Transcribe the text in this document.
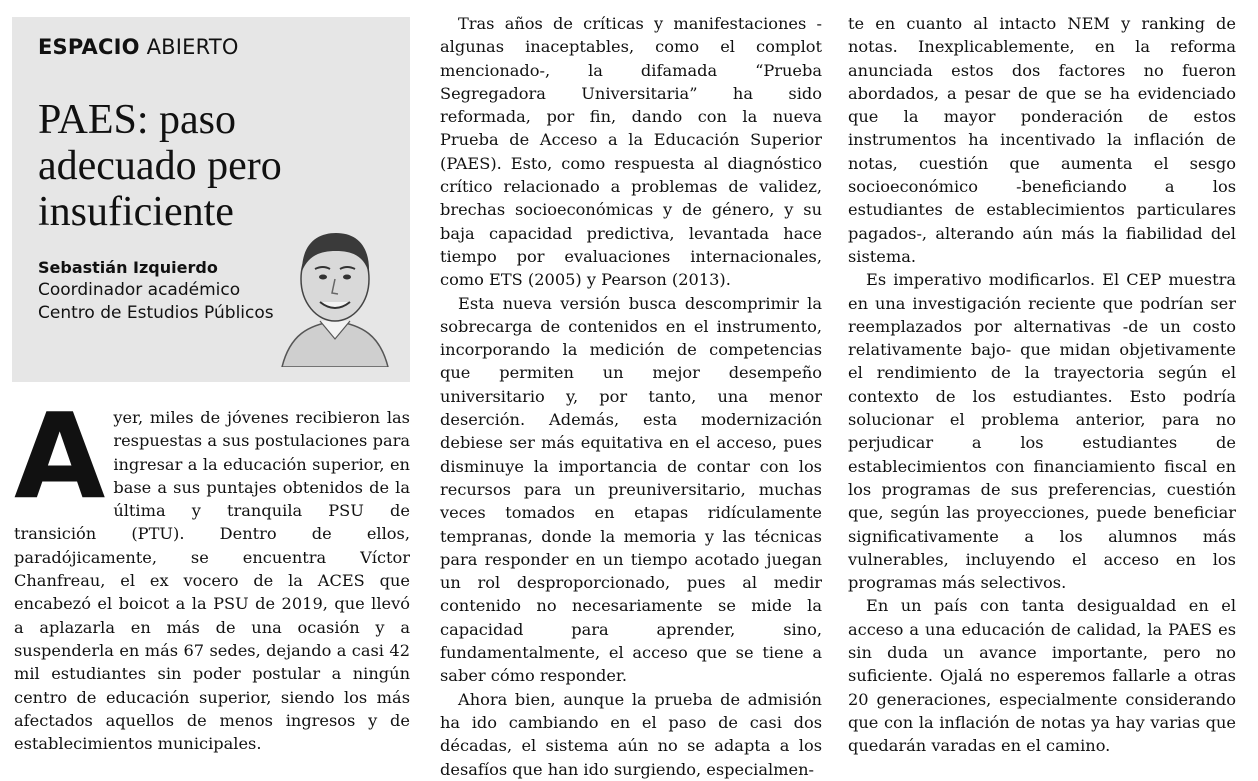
ESPACIO ABIERTO
PAES: paso adecuado pero insuficiente
Sebastián Izquierdo
Coordinador académico Centro de Estudios Públicos

A yer, miles de jóvenes recibieron las respuestas a sus postulaciones para ingresar a la educación superior, en base a sus puntajes obtenidos de la última y tranquila PSU de transición (PTU). Dentro de ellos, paradójicamente, se encuentra Víctor Chanfreau, el ex vocero de la ACES que encabezó el boicot a la PSU de 2019, que llevó a aplazarla en más de una ocasión y a suspenderla en más 67 sedes, dejando a casi 42 mil estudiantes sin poder postular a ningún centro de educación superior, siendo los más afectados aquellos de menos ingresos y de establecimientos municipales.

Tras años de críticas y manifestaciones -algunas inaceptables, como el complot mencionado-, la difamada “Prueba Segregadora Universitaria” ha sido reformada, por fin, dando con la nueva Prueba de Acceso a la Educación Superior (PAES). Esto, como respuesta al diagnóstico crítico relacionado a problemas de validez, brechas socioeconómicas y de género, y su baja capacidad predictiva, levantada hace tiempo por evaluaciones internacionales, como ETS (2005) y Pearson (2013).

Esta nueva versión busca descomprimir la sobrecarga de contenidos en el instrumento, incorporando la medición de competencias que permiten un mejor desempeño universitario y, por tanto, una menor deserción. Además, esta modernización debiese ser más equitativa en el acceso, pues disminuye la importancia de contar con los recursos para un preuniversitario, muchas veces tomados en etapas ridículamente tempranas, donde la memoria y las técnicas para responder en un tiempo acotado juegan un rol desproporcionado, pues al medir contenido no necesariamente se mide la capacidad para aprender, sino, fundamentalmente, el acceso que se tiene a saber cómo responder.

Ahora bien, aunque la prueba de admisión ha ido cambiando en el paso de casi dos décadas, el sistema aún no se adapta a los desafíos que han ido surgiendo, especialmen-

te en cuanto al intacto NEM y ranking de notas. Inexplicablemente, en la reforma anunciada estos dos factores no fueron abordados, a pesar de que se ha evidenciado que la mayor ponderación de estos instrumentos ha incentivado la inflación de notas, cuestión que aumenta el sesgo socioeconómico -beneficiando a los estudiantes de establecimientos particulares pagados-, alterando aún más la fiabilidad del sistema.

Es imperativo modificarlos. El CEP muestra en una investigación reciente que podrían ser reemplazados por alternativas -de un costo relativamente bajo- que midan objetivamente el rendimiento de la trayectoria según el contexto de los estudiantes. Esto podría solucionar el problema anterior, para no perjudicar a los estudiantes de establecimientos con financiamiento fiscal en los programas de sus preferencias, cuestión que, según las proyecciones, puede beneficiar significativamente a los alumnos más vulnerables, incluyendo el acceso en los programas más selectivos.

En un país con tanta desigualdad en el acceso a una educación de calidad, la PAES es sin duda un avance importante, pero no suficiente. Ojalá no esperemos fallarle a otras 20 generaciones, especialmente considerando que con la inflación de notas ya hay varias que quedarán varadas en el camino.
